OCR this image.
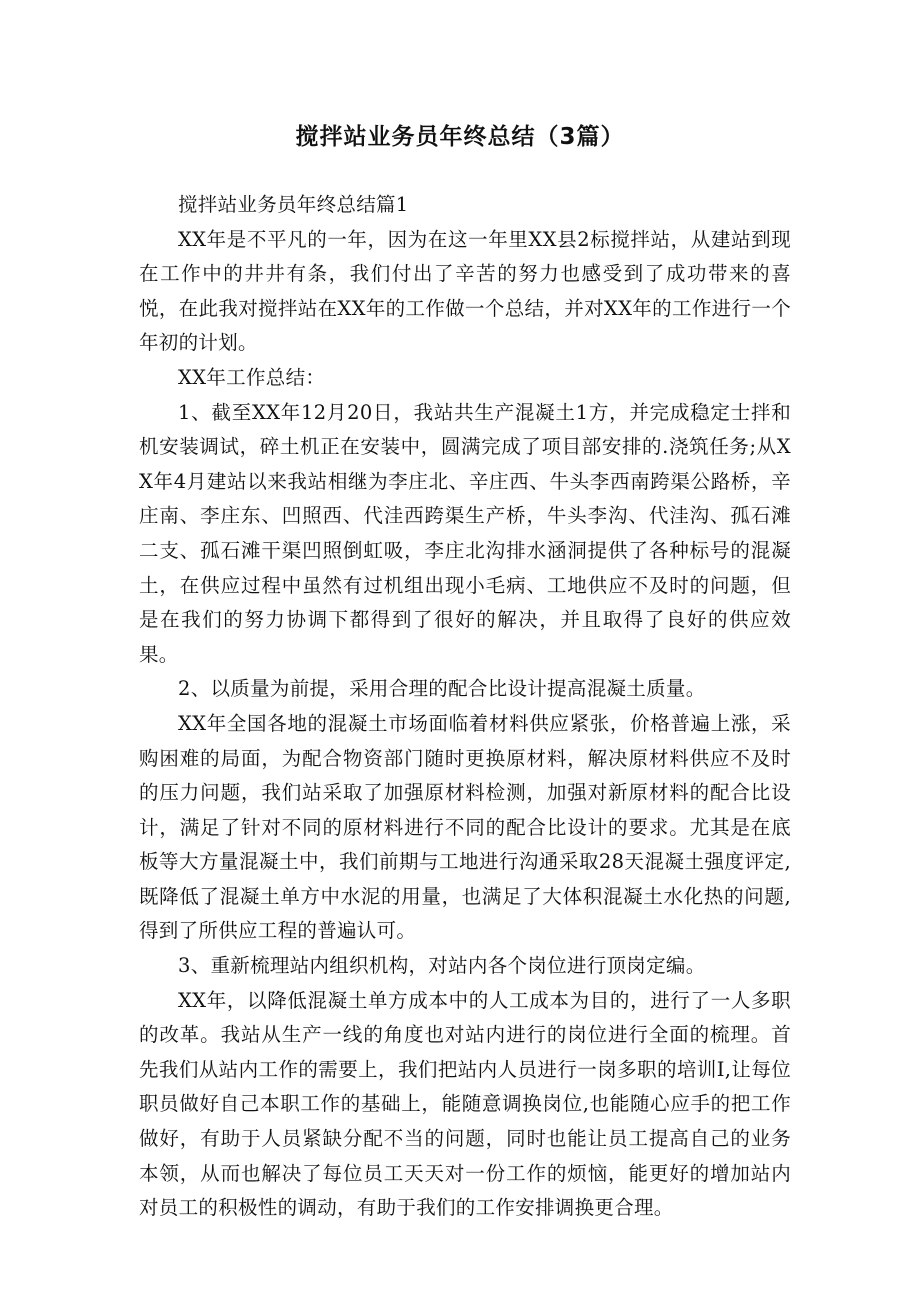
搅拌站业务员年终总结（3篇）

搅拌站业务员年终总结篇1

XX年是不平凡的一年，因为在这一年里XX县2标搅拌站，从建站到现在工作中的井井有条，我们付出了辛苦的努力也感受到了成功带来的喜悦，在此我对搅拌站在XX年的工作做一个总结，并对XX年的工作进行一个年初的计划。

XX年工作总结：

1、截至XX年12月20日，我站共生产混凝土1方，并完成稳定士拌和机安装调试，碎土机正在安装中，圆满完成了项目部安排的.浇筑任务;从XX年4月建站以来我站相继为李庄北、辛庄西、牛头李西南跨渠公路桥，辛庄南、李庄东、凹照西、代洼西跨渠生产桥，牛头李沟、代洼沟、孤石滩二支、孤石滩干渠凹照倒虹吸，李庄北沟排水涵洞提供了各种标号的混凝土，在供应过程中虽然有过机组出现小毛病、工地供应不及时的问题，但是在我们的努力协调下都得到了很好的解决，并且取得了良好的供应效果。

2、以质量为前提，采用合理的配合比设计提高混凝土质量。

XX年全国各地的混凝土市场面临着材料供应紧张，价格普遍上涨，采购困难的局面，为配合物资部门随时更换原材料，解决原材料供应不及时的压力问题，我们站采取了加强原材料检测，加强对新原材料的配合比设计，满足了针对不同的原材料进行不同的配合比设计的要求。尤其是在底板等大方量混凝土中，我们前期与工地进行沟通采取28天混凝土强度评定,既降低了混凝土单方中水泥的用量，也满足了大体积混凝土水化热的问题,得到了所供应工程的普遍认可。

3、重新梳理站内组织机构，对站内各个岗位进行顶岗定编。

XX年，以降低混凝土单方成本中的人工成本为目的，进行了一人多职的改革。我站从生产一线的角度也对站内进行的岗位进行全面的梳理。首先我们从站内工作的需要上，我们把站内人员进行一岗多职的培训I,让每位职员做好自己本职工作的基础上，能随意调换岗位,也能随心应手的把工作做好，有助于人员紧缺分配不当的问题，同时也能让员工提高自己的业务本领，从而也解决了每位员工天天对一份工作的烦恼，能更好的增加站内对员工的积极性的调动，有助于我们的工作安排调换更合理。
